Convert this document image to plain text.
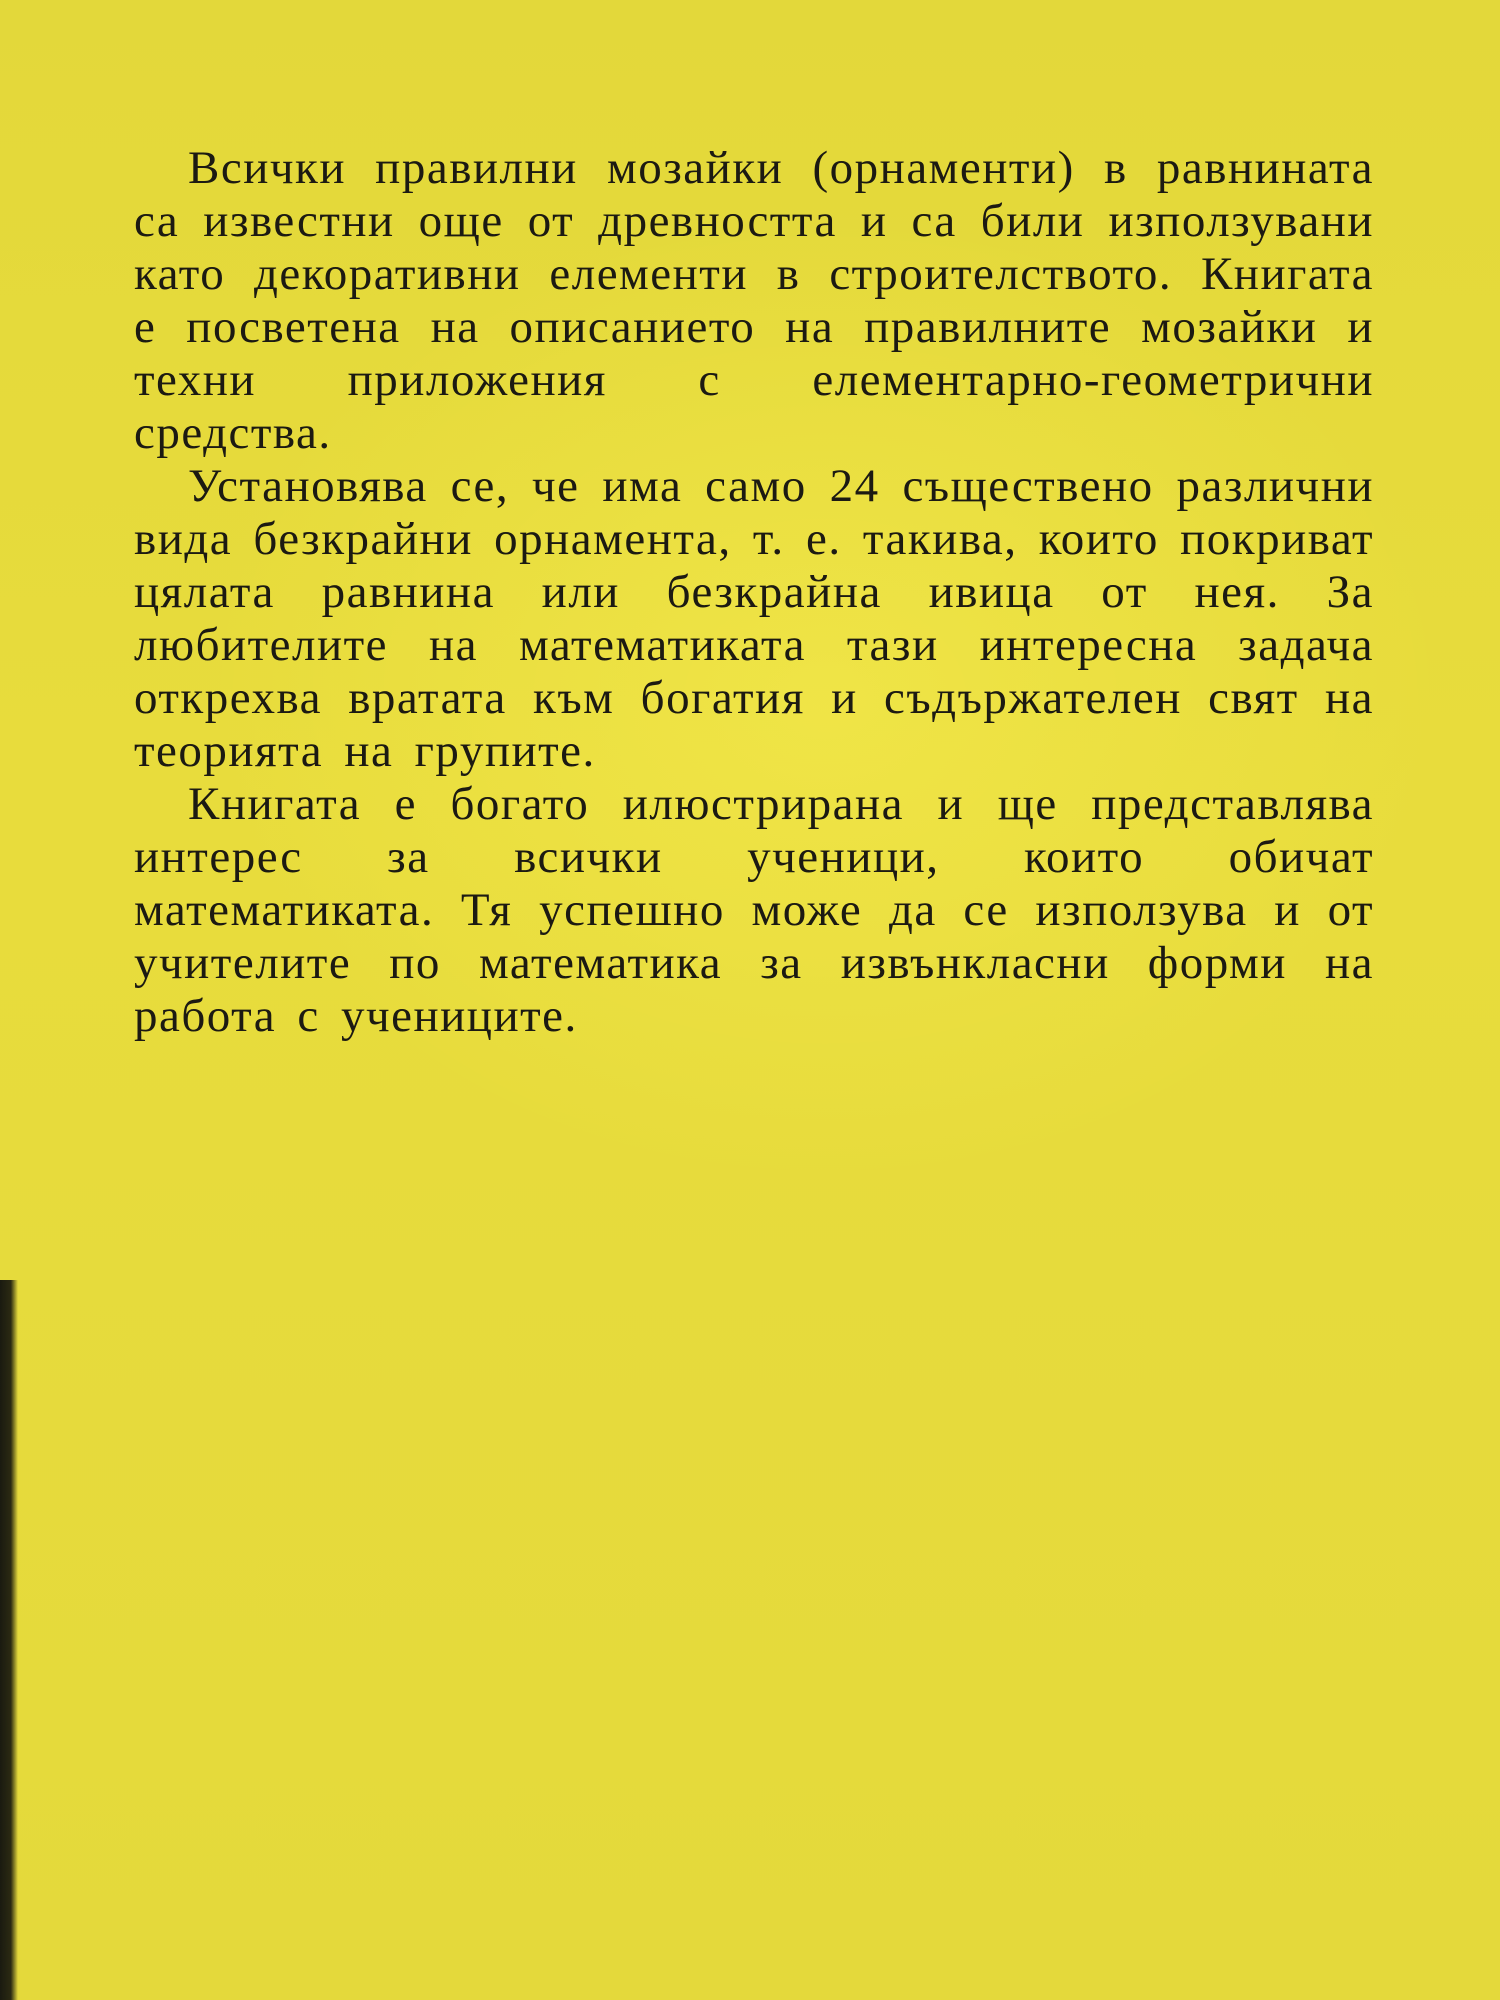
Всички правилни мозайки (орнаменти) в равнината са известни още от древността и са били използувани като декоративни елементи в строителството. Книгата е посветена на описанието на правилните мозайки и техни приложения с елементарно-геометрични средства.

Установява се, че има само 24 съществено различни вида безкрайни орнамента, т. е. такива, които покриват цялата равнина или безкрайна ивица от нея. За любителите на математиката тази интересна задача открехва вратата към богатия и съдържателен свят на теорията на групите.

Книгата е богато илюстрирана и ще представлява интерес за всички ученици, които обичат математиката. Тя успешно може да се използува и от учителите по математика за извънкласни форми на работа с учениците.
